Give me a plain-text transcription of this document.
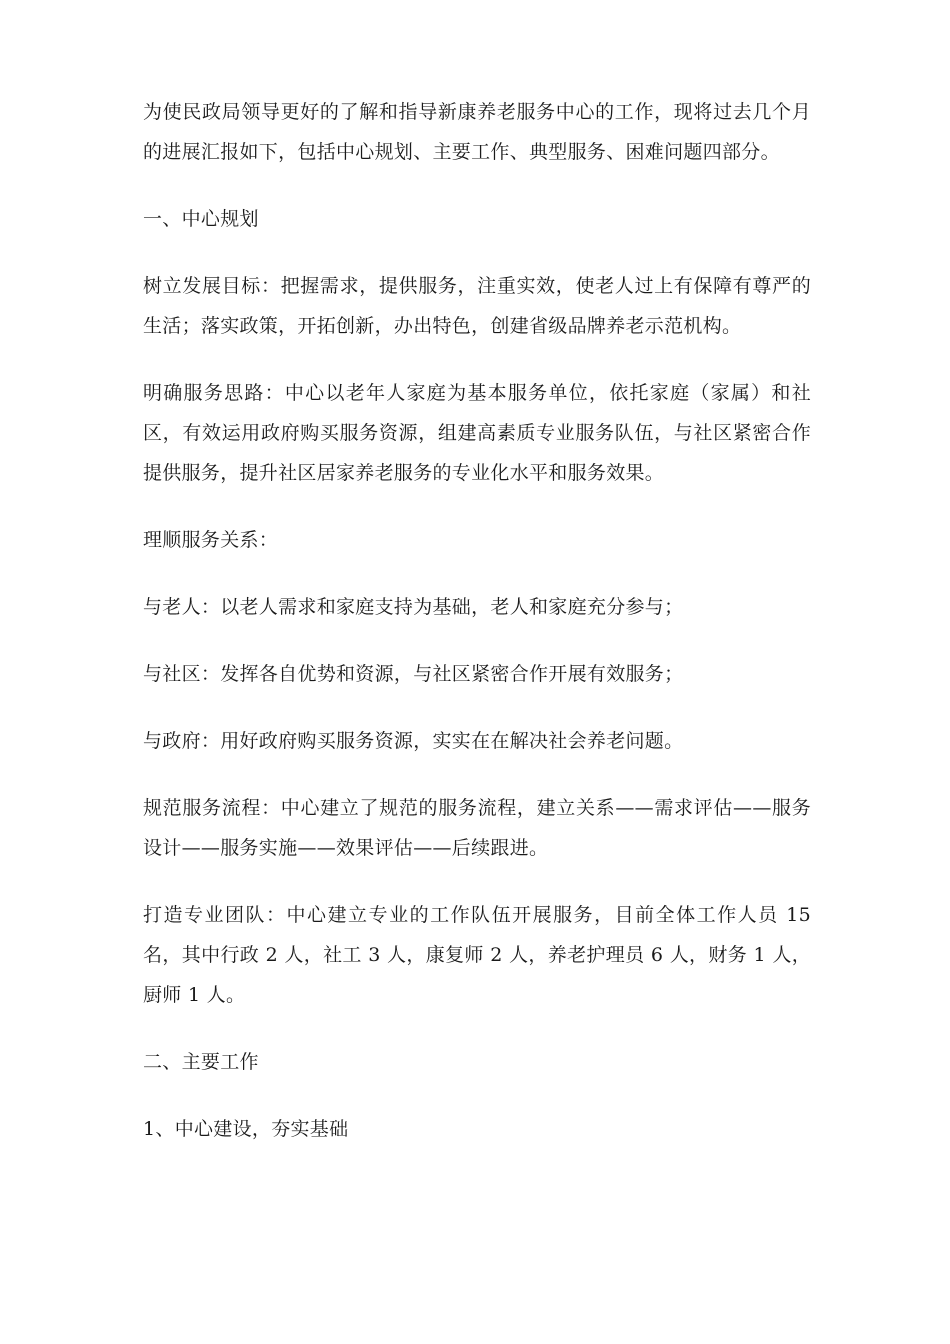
为使民政局领导更好的了解和指导新康养老服务中心的工作，现将过去几个月的进展汇报如下，包括中心规划、主要工作、典型服务、困难问题四部分。

一、中心规划

树立发展目标：把握需求，提供服务，注重实效，使老人过上有保障有尊严的生活；落实政策，开拓创新，办出特色，创建省级品牌养老示范机构。

明确服务思路：中心以老年人家庭为基本服务单位，依托家庭（家属）和社区，有效运用政府购买服务资源，组建高素质专业服务队伍，与社区紧密合作提供服务，提升社区居家养老服务的专业化水平和服务效果。

理顺服务关系：

与老人：以老人需求和家庭支持为基础，老人和家庭充分参与；

与社区：发挥各自优势和资源，与社区紧密合作开展有效服务；

与政府：用好政府购买服务资源，实实在在解决社会养老问题。

规范服务流程：中心建立了规范的服务流程，建立关系——需求评估——服务设计——服务实施——效果评估——后续跟进。

打造专业团队：中心建立专业的工作队伍开展服务，目前全体工作人员 15 名，其中行政 2 人，社工 3 人，康复师 2 人，养老护理员 6 人，财务 1 人，厨师 1 人。

二、主要工作

1、中心建设，夯实基础
